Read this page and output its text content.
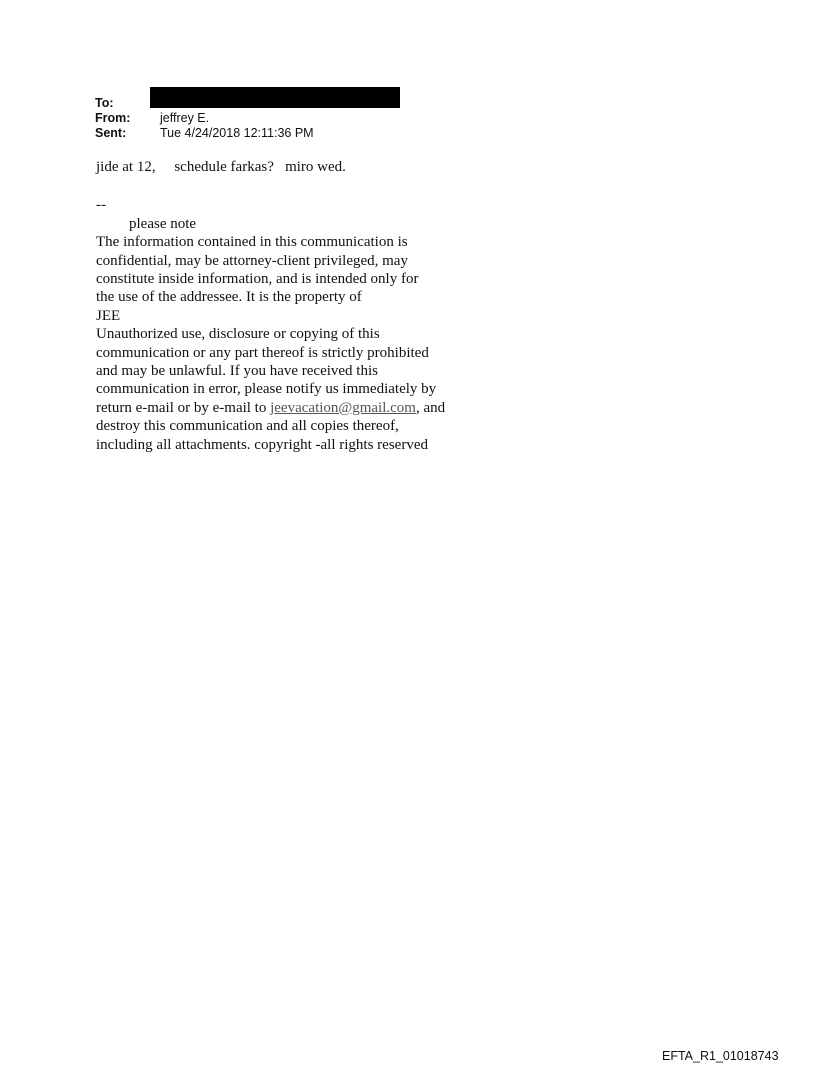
To:
From:	jeffrey E.
Sent:	Tue 4/24/2018 12:11:36 PM
jide at 12,     schedule farkas?   miro wed.
--
please note
The information contained in this communication is
confidential, may be attorney-client privileged, may
constitute inside information, and is intended only for
the use of the addressee. It is the property of
JEE
Unauthorized use, disclosure or copying of this
communication or any part thereof is strictly prohibited
and may be unlawful. If you have received this
communication in error, please notify us immediately by
return e-mail or by e-mail to jeevacation@gmail.com, and
destroy this communication and all copies thereof,
including all attachments. copyright -all rights reserved
EFTA_R1_01018743
